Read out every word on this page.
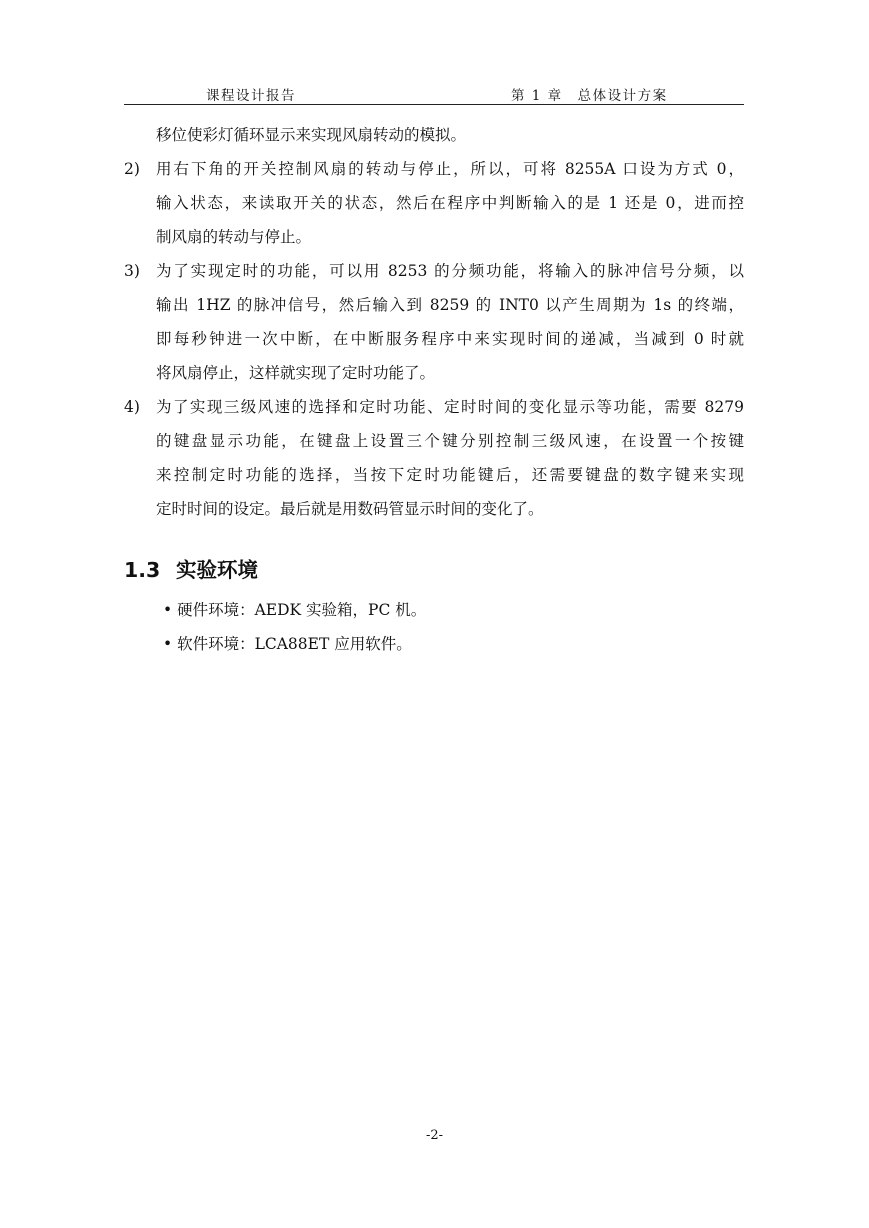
课程设计报告	第 1 章　总体设计方案
移位使彩灯循环显示来实现风扇转动的模拟。
2) 用右下角的开关控制风扇的转动与停止，所以，可将 8255A 口设为方式 0，
输入状态，来读取开关的状态，然后在程序中判断输入的是 1 还是 0，进而控
制风扇的转动与停止。
3) 为了实现定时的功能，可以用 8253 的分频功能，将输入的脉冲信号分频，以
输出 1HZ 的脉冲信号，然后输入到 8259 的 INT0 以产生周期为 1s 的终端，
即每秒钟进一次中断，在中断服务程序中来实现时间的递减，当减到 0 时就
将风扇停止，这样就实现了定时功能了。
4) 为了实现三级风速的选择和定时功能、定时时间的变化显示等功能，需要 8279
的键盘显示功能，在键盘上设置三个键分别控制三级风速，在设置一个按键
来控制定时功能的选择，当按下定时功能键后，还需要键盘的数字键来实现
定时时间的设定。最后就是用数码管显示时间的变化了。
1.3 实验环境
• 硬件环境：AEDK 实验箱，PC 机。
• 软件环境：LCA88ET 应用软件。
-2-
